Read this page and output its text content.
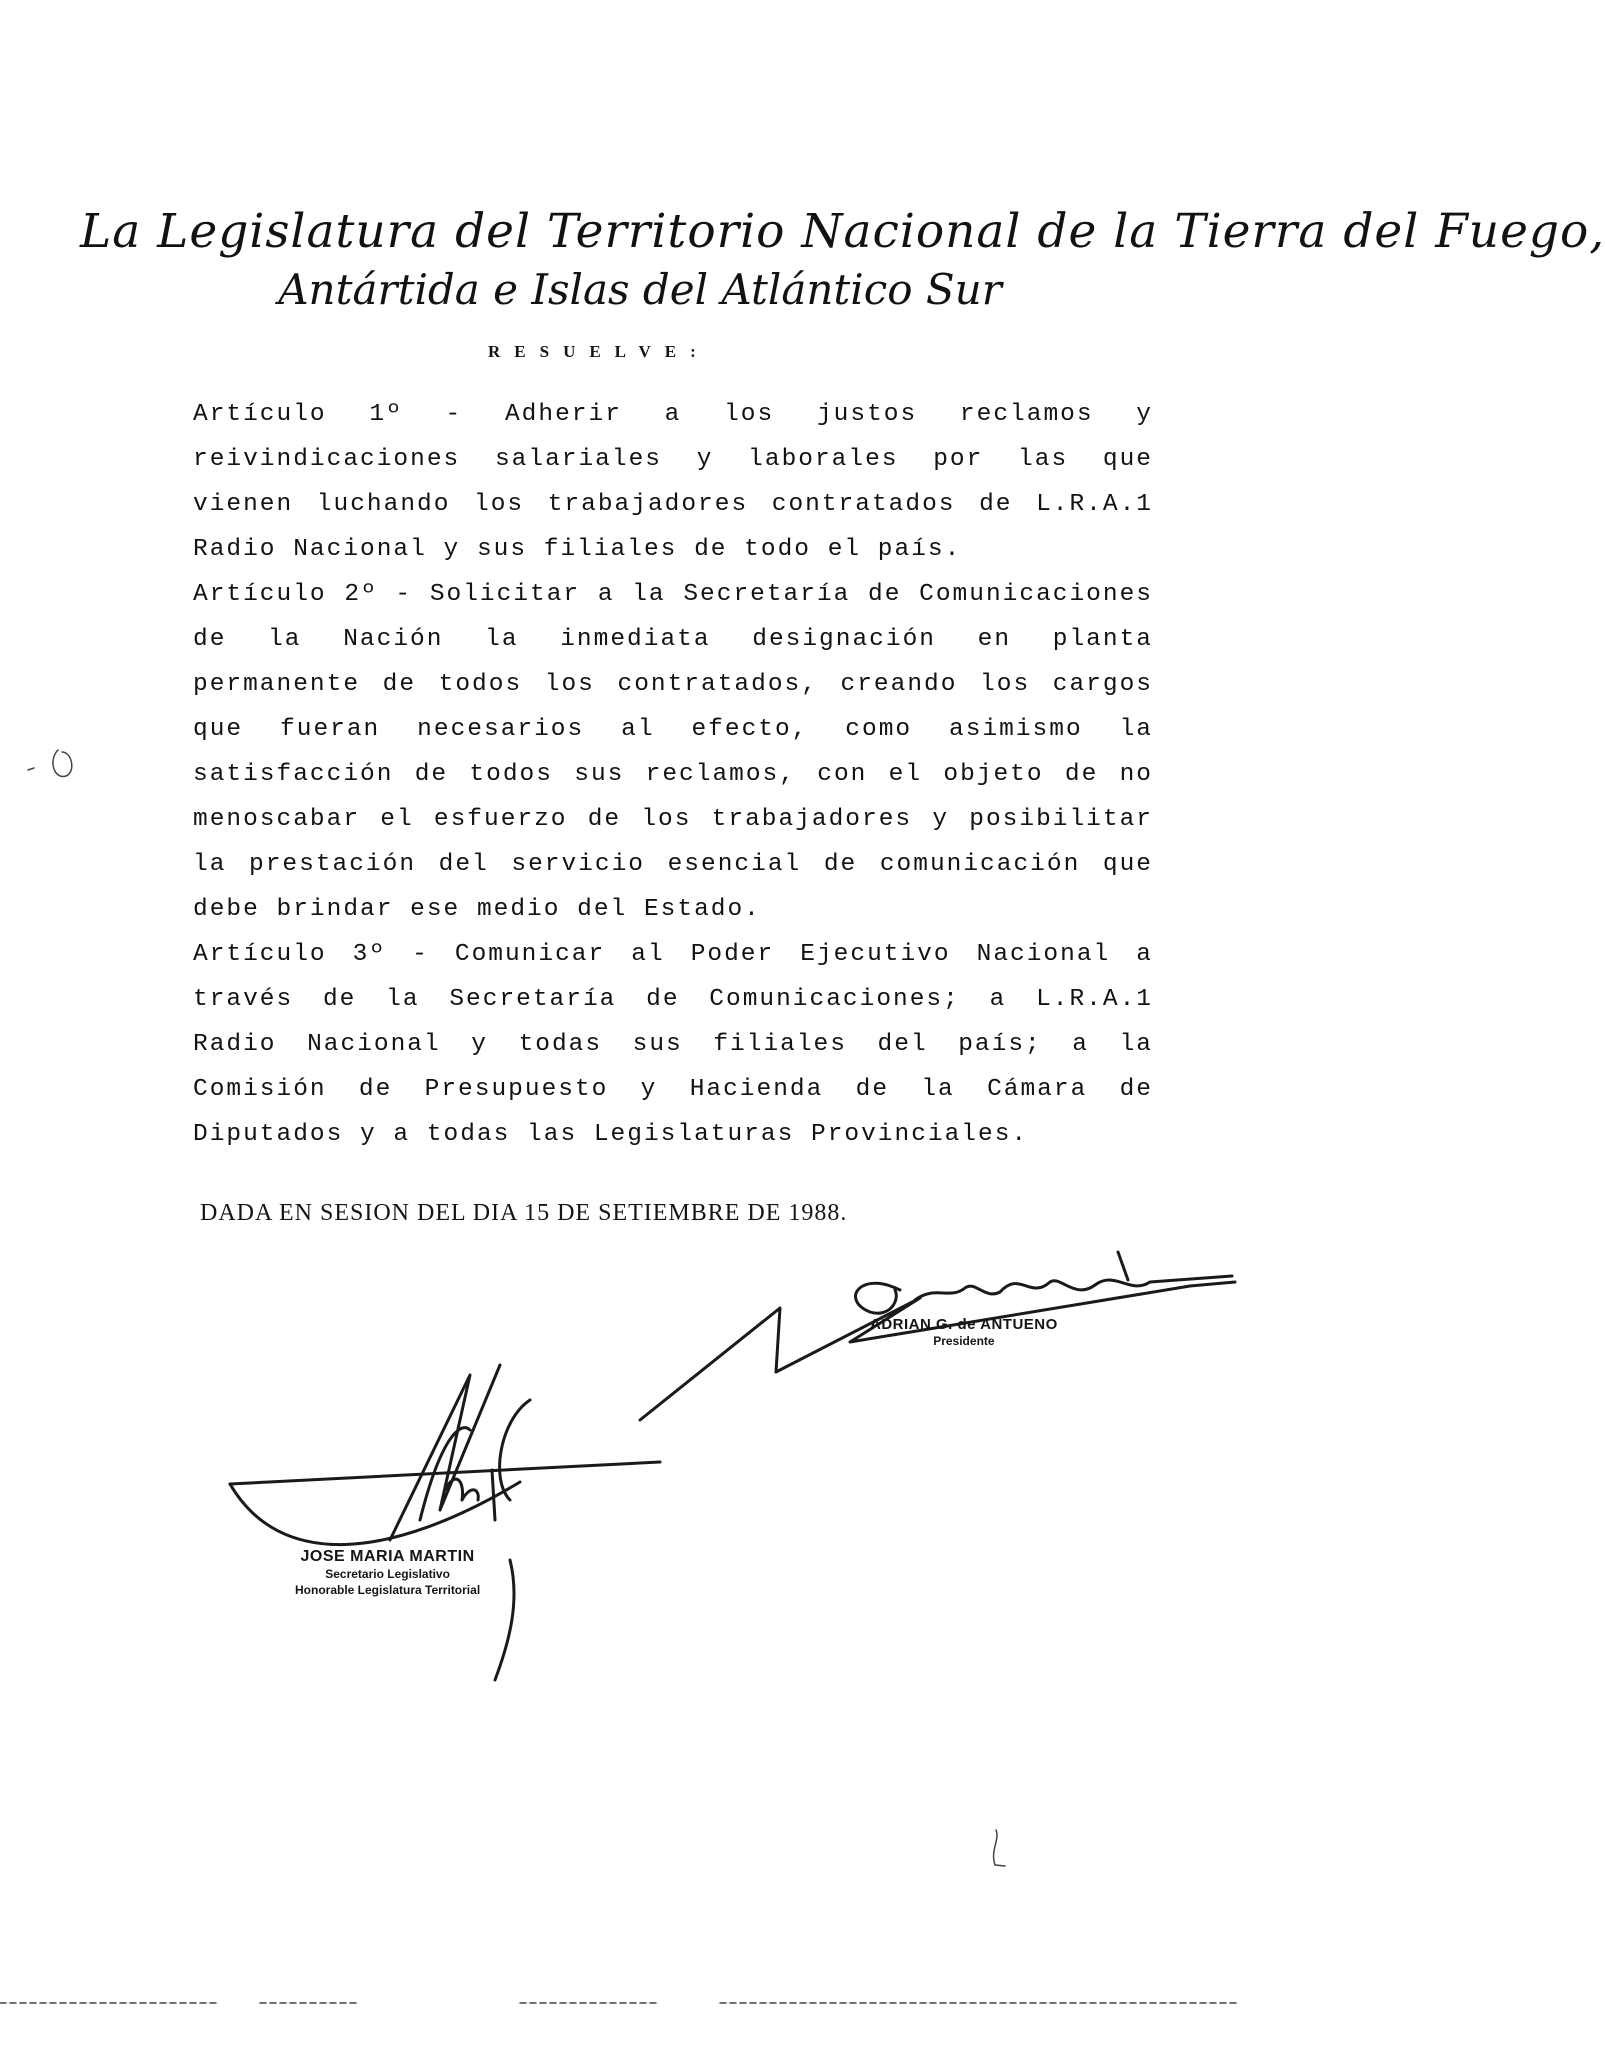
La Legislatura del Territorio Nacional de la Tierra del Fuego,
Antártida e Islas del Atlántico Sur
RESUELVE:

Artículo 1º - Adherir a los justos reclamos y reivindicaciones salariales y laborales por las que vienen luchando los trabajadores contratados de L.R.A.1 Radio Nacional y sus filiales de todo el país.

Artículo 2º - Solicitar a la Secretaría de Comunicaciones de la Nación la inmediata designación en planta permanente de todos los contratados, creando los cargos que fueran necesarios al efecto, como asimismo la satisfacción de todos sus reclamos, con el objeto de no menoscabar el esfuerzo de los trabajadores y posibilitar la prestación del servicio esencial de comunicación que debe brindar ese medio del Estado.

Artículo 3º - Comunicar al Poder Ejecutivo Nacional a través de la Secretaría de Comunicaciones; a L.R.A.1 Radio Nacional y todas sus filiales del país; a la Comisión de Presupuesto y Hacienda de la Cámara de Diputados y a todas las Legislaturas Provinciales.

DADA EN SESION DEL DIA 15 DE SETIEMBRE DE 1988.
ADRIAN G. de ANTUENO
Presidente
JOSE MARIA MARTIN
Secretario Legislativo
Honorable Legislatura Territorial
